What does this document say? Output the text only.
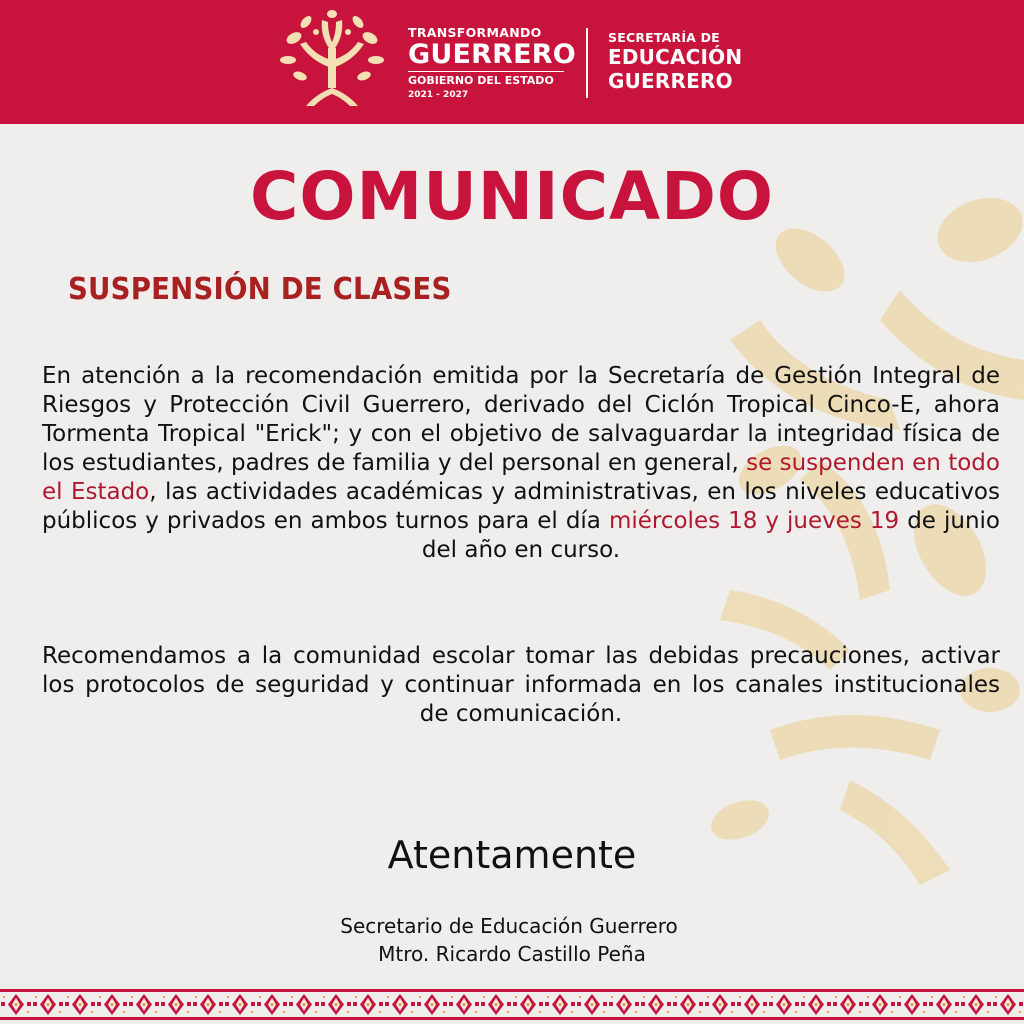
TRANSFORMANDO
GUERRERO
GOBIERNO DEL ESTADO
2021 - 2027
SECRETARÍA DE
EDUCACIÓN
GUERRERO
COMUNICADO
SUSPENSIÓN DE CLASES
En atención a la recomendación emitida por la Secretaría de Gestión Integral de Riesgos y Protección Civil Guerrero, derivado del Ciclón Tropical Cinco-E, ahora Tormenta Tropical "Erick"; y con el objetivo de salvaguardar la integridad física de los estudiantes, padres de familia y del personal en general, se suspenden en todo el Estado, las actividades académicas y administrativas, en los niveles educativos públicos y privados en ambos turnos para el día miércoles 18 y jueves 19 de junio del año en curso.
Recomendamos a la comunidad escolar tomar las debidas precauciones, activar los protocolos de seguridad y continuar informada en los canales institucionales de comunicación.
Atentamente
Secretario de Educación Guerrero
Mtro. Ricardo Castillo Peña
